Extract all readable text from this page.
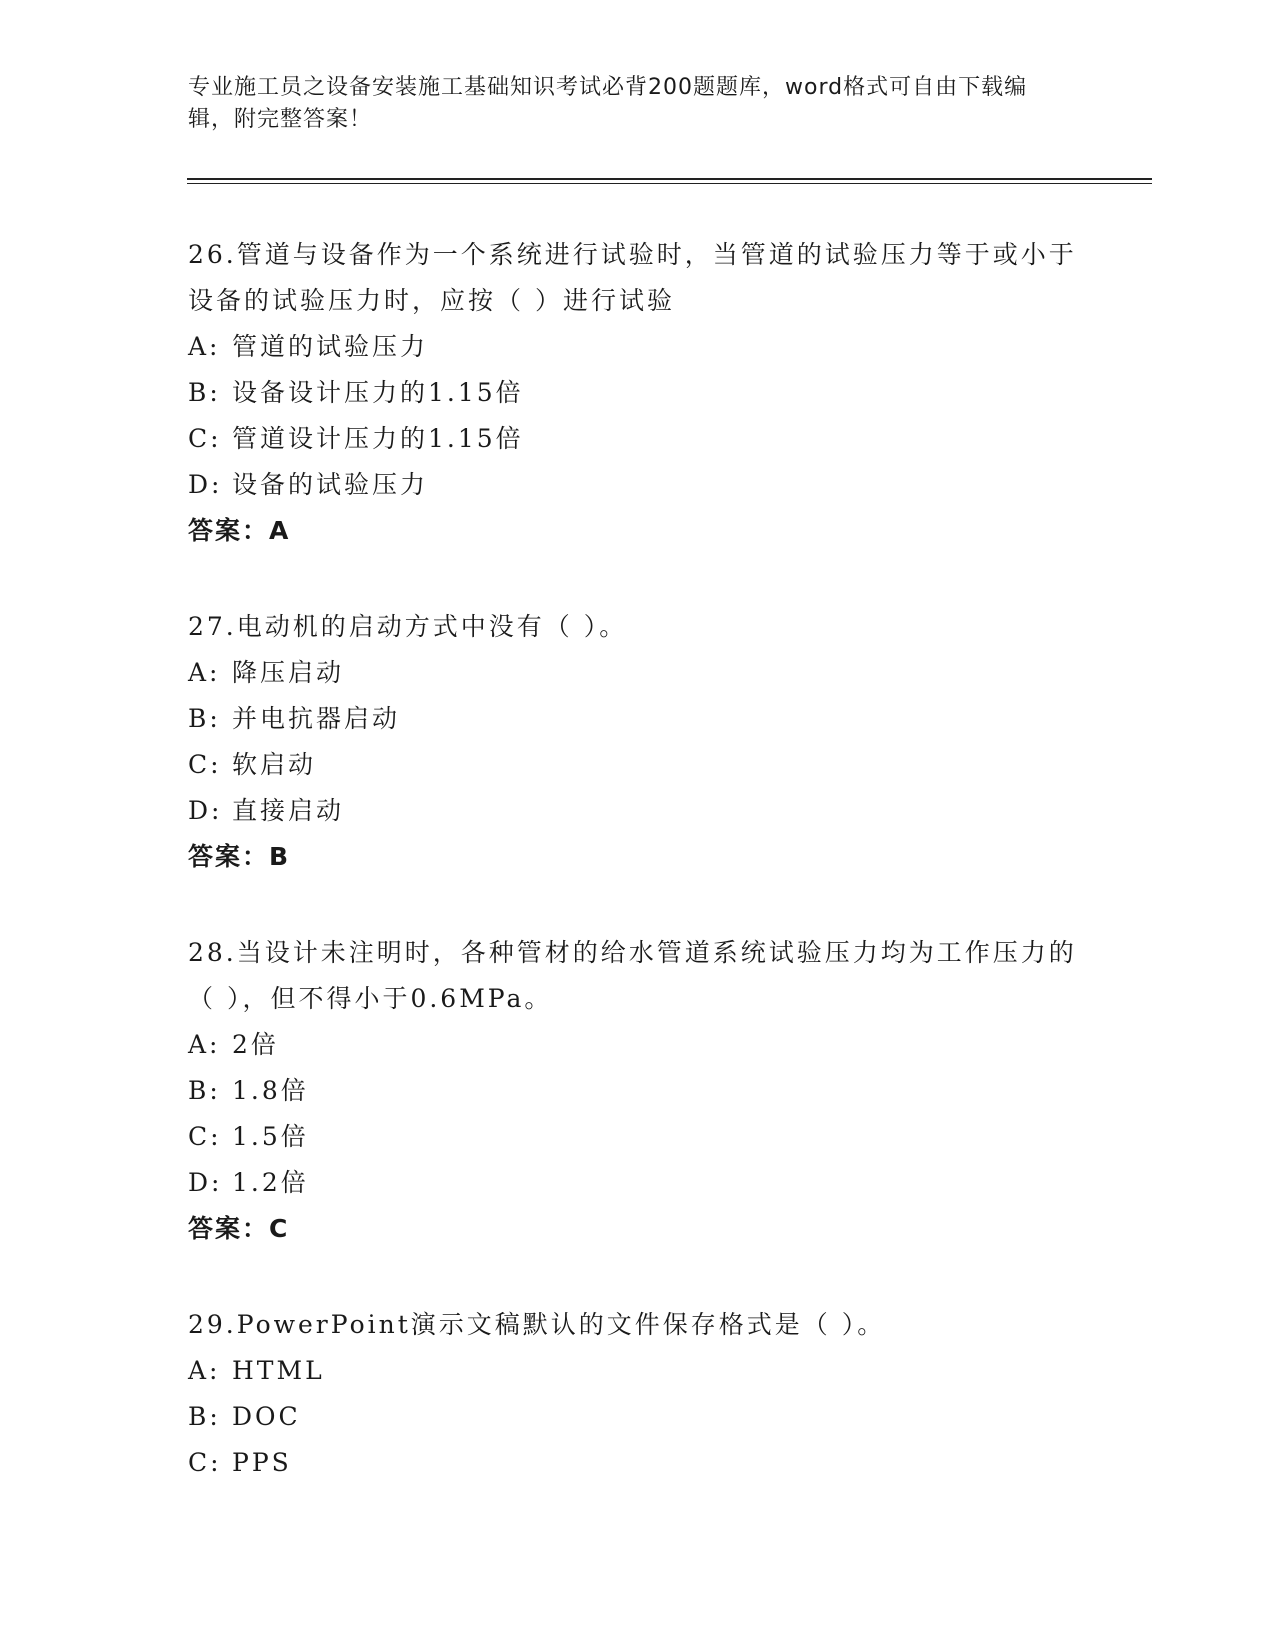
专业施工员之设备安装施工基础知识考试必背200题题库，word格式可自由下载编辑，附完整答案！
26.管道与设备作为一个系统进行试验时，当管道的试验压力等于或小于设备的试验压力时，应按（ ）进行试验
A: 管道的试验压力
B: 设备设计压力的1.15倍
C: 管道设计压力的1.15倍
D: 设备的试验压力
答案：A
27.电动机的启动方式中没有（ ）。
A: 降压启动
B: 并电抗器启动
C: 软启动
D: 直接启动
答案：B
28.当设计未注明时，各种管材的给水管道系统试验压力均为工作压力的（ ），但不得小于0.6MPa。
A: 2倍
B: 1.8倍
C: 1.5倍
D: 1.2倍
答案：C
29.PowerPoint演示文稿默认的文件保存格式是（ ）。
A: HTML
B: DOC
C: PPS
